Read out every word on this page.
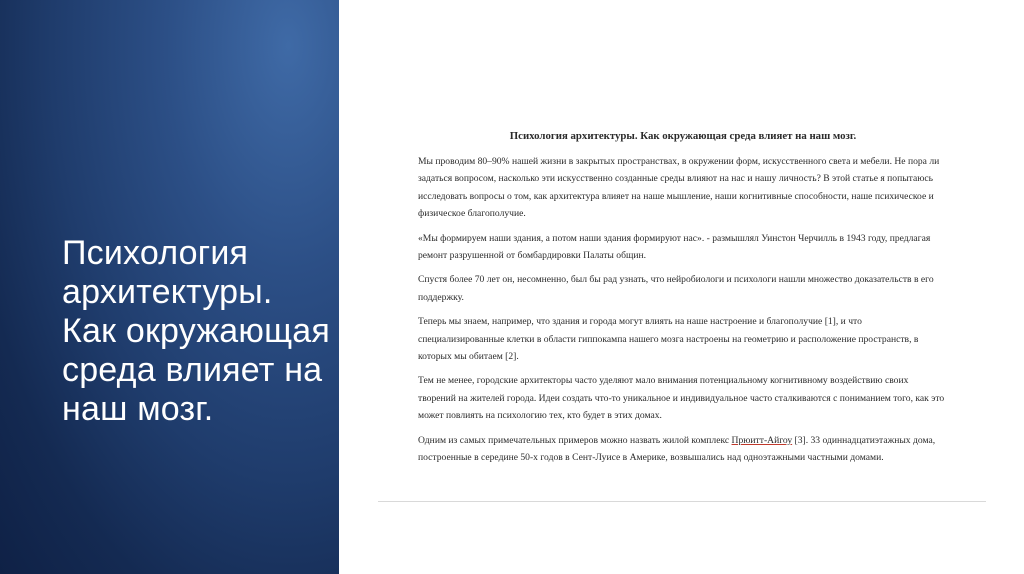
Психология архитектуры. Как окружающая среда влияет на наш мозг.

Психология архитектуры. Как окружающая среда влияет на наш мозг.

Мы проводим 80–90% нашей жизни в закрытых пространствах, в окружении форм, искусственного света и мебели. Не пора ли задаться вопросом, насколько эти искусственно созданные среды влияют на нас и нашу личность? В этой статье я попытаюсь исследовать вопросы о том, как архитектура влияет на наше мышление, наши когнитивные способности, наше психическое и физическое благополучие.

«Мы формируем наши здания, а потом наши здания формируют нас». - размышлял Уинстон Черчилль в 1943 году, предлагая ремонт разрушенной от бомбардировки Палаты общин.

Спустя более 70 лет он, несомненно, был бы рад узнать, что нейробиологи и психологи нашли множество доказательств в его поддержку.

Теперь мы знаем, например, что здания и города могут влиять на наше настроение и благополучие [1], и что специализированные клетки в области гиппокампа нашего мозга настроены на геометрию и расположение пространств, в которых мы обитаем [2].

Тем не менее, городские архитекторы часто уделяют мало внимания потенциальному когнитивному воздействию своих творений на жителей города. Идеи создать что-то уникальное и индивидуальное часто сталкиваются с пониманием того, как это может повлиять на психологию тех, кто будет в этих домах.

Одним из самых примечательных примеров можно назвать жилой комплекс Прюитт-Айгоу [3]. 33 одиннадцатиэтажных дома, построенные в середине 50-х годов в Сент-Луисе в Америке, возвышались над одноэтажными частными домами.
